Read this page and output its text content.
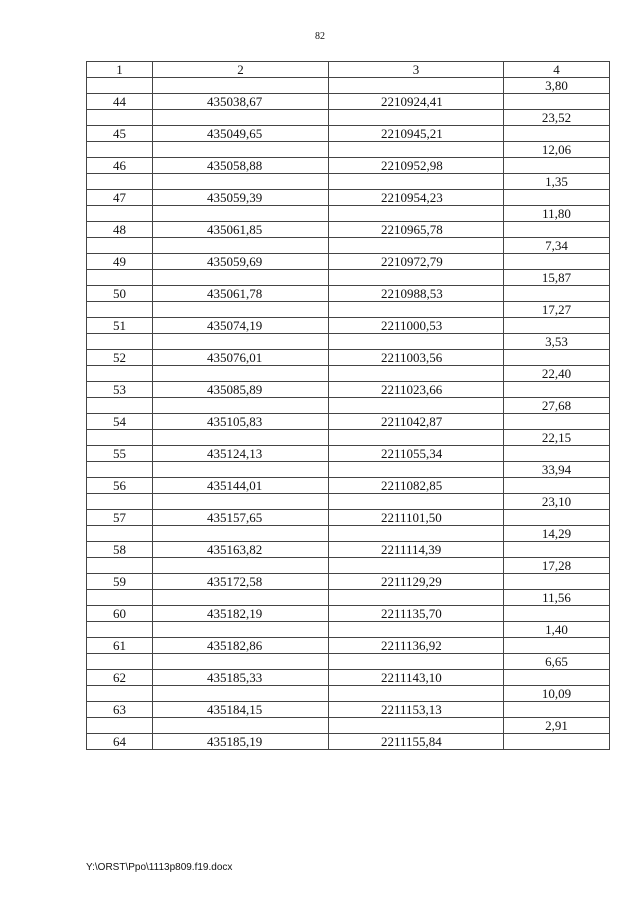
82
1	2	3	4
			3,80
44	435038,67	2210924,41	
			23,52
45	435049,65	2210945,21	
			12,06
46	435058,88	2210952,98	
			1,35
47	435059,39	2210954,23	
			11,80
48	435061,85	2210965,78	
			7,34
49	435059,69	2210972,79	
			15,87
50	435061,78	2210988,53	
			17,27
51	435074,19	2211000,53	
			3,53
52	435076,01	2211003,56	
			22,40
53	435085,89	2211023,66	
			27,68
54	435105,83	2211042,87	
			22,15
55	435124,13	2211055,34	
			33,94
56	435144,01	2211082,85	
			23,10
57	435157,65	2211101,50	
			14,29
58	435163,82	2211114,39	
			17,28
59	435172,58	2211129,29	
			11,56
60	435182,19	2211135,70	
			1,40
61	435182,86	2211136,92	
			6,65
62	435185,33	2211143,10	
			10,09
63	435184,15	2211153,13	
			2,91
64	435185,19	2211155,84	
Y:\ORST\Ppo\1113p809.f19.docx
